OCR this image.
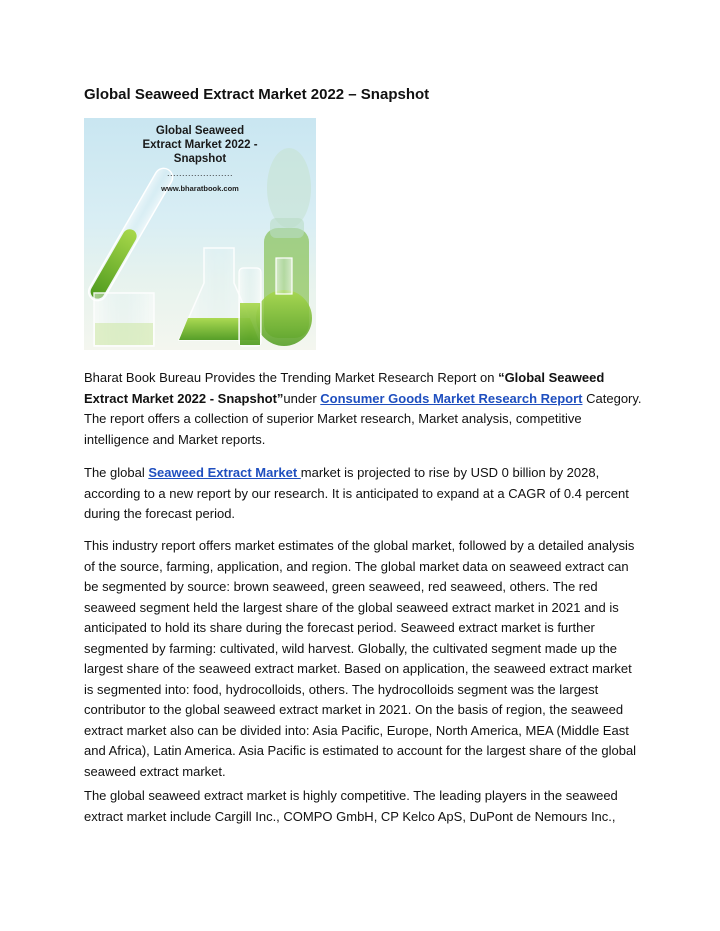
Global Seaweed Extract Market 2022 – Snapshot
Global Seaweed
Extract Market 2022 -
Snapshot
......................
www.bharatbook.com

Bharat Book Bureau Provides the Trending Market Research Report on “Global Seaweed Extract Market 2022 - Snapshot”under Consumer Goods Market Research Report Category. The report offers a collection of superior Market research, Market analysis, competitive intelligence and Market reports.

The global Seaweed Extract Market market is projected to rise by USD 0 billion by 2028, according to a new report by our research. It is anticipated to expand at a CAGR of 0.4 percent during the forecast period.

This industry report offers market estimates of the global market, followed by a detailed analysis of the source, farming, application, and region. The global market data on seaweed extract can be segmented by source: brown seaweed, green seaweed, red seaweed, others. The red seaweed segment held the largest share of the global seaweed extract market in 2021 and is anticipated to hold its share during the forecast period. Seaweed extract market is further segmented by farming: cultivated, wild harvest. Globally, the cultivated segment made up the largest share of the seaweed extract market. Based on application, the seaweed extract market is segmented into: food, hydrocolloids, others. The hydrocolloids segment was the largest contributor to the global seaweed extract market in 2021. On the basis of region, the seaweed extract market also can be divided into: Asia Pacific, Europe, North America, MEA (Middle East and Africa), Latin America. Asia Pacific is estimated to account for the largest share of the global seaweed extract market.

The global seaweed extract market is highly competitive. The leading players in the seaweed extract market include Cargill Inc., COMPO GmbH, CP Kelco ApS, DuPont de Nemours Inc.,
